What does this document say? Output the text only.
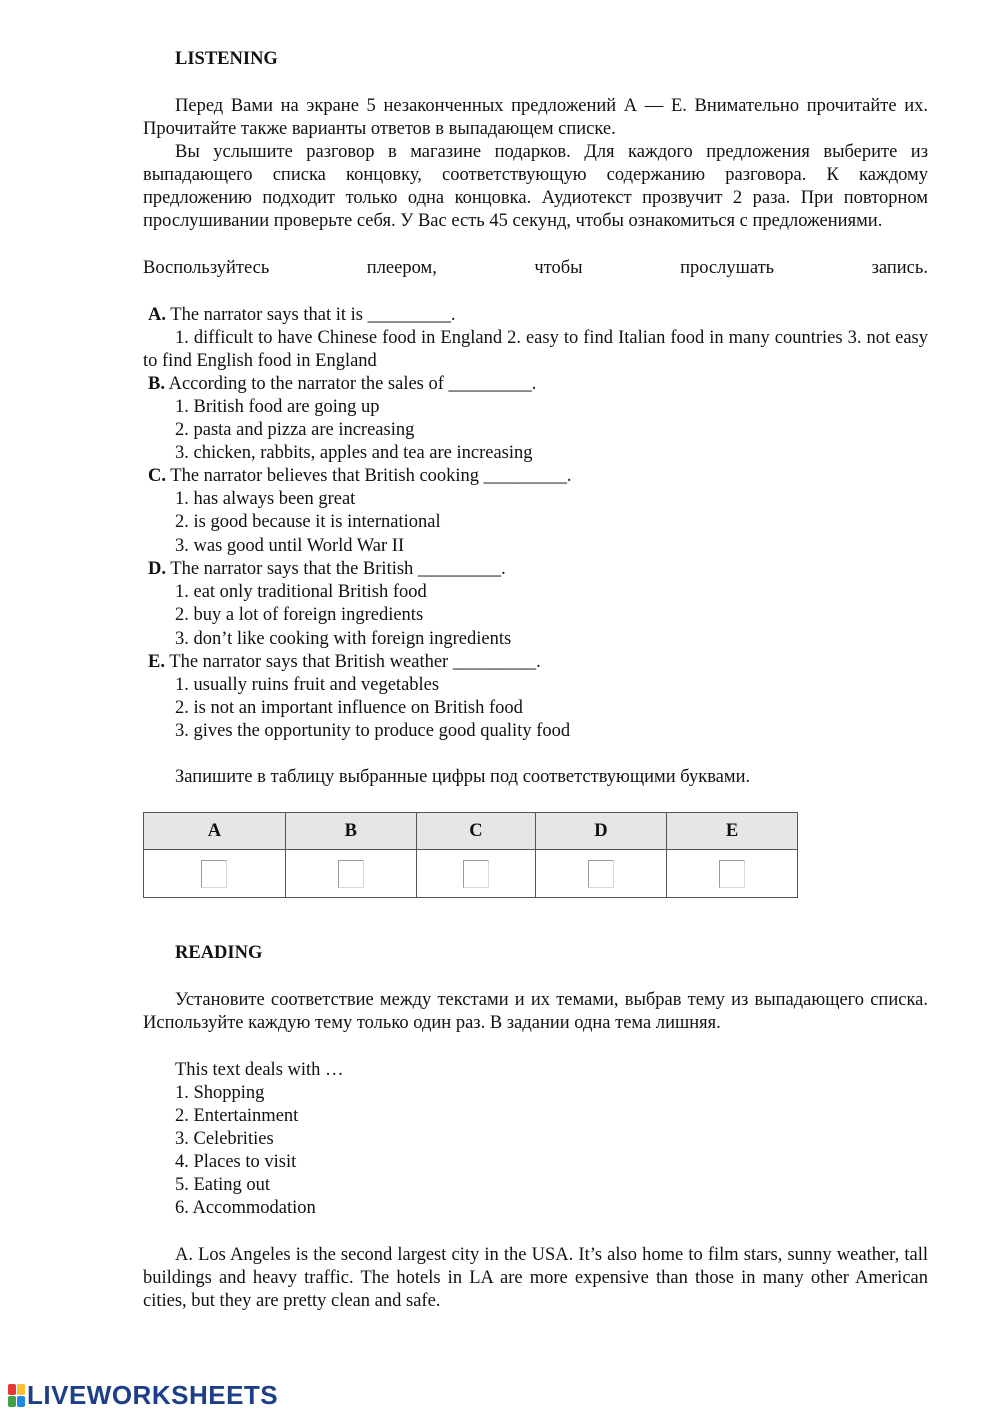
LISTENING

Перед Вами на экране 5 незаконченных предложений А — Е. Внимательно прочитайте их. Прочитайте также варианты ответов в выпадающем списке.

Вы услышите разговор в магазине подарков. Для каждого предложения выберите из выпадающего списка концовку, соответствующую содержанию разговора. К каждому предложению подходит только одна концовка. Аудиотекст прозвучит 2 раза. При повторном прослушивании проверьте себя. У Вас есть 45 секунд, чтобы ознакомиться с предложениями.

Воспользуйтесь	плеером,	чтобы	прослушать	запись.
A. The narrator says that it is _________.

1. difficult to have Chinese food in England 2. easy to find Italian food in many countries 3. not easy to find English food in England

B. According to the narrator the sales of _________.
1. British food are going up
2. pasta and pizza are increasing
3. chicken, rabbits, apples and tea are increasing
C. The narrator believes that British cooking _________.
1. has always been great
2. is good because it is international
3. was good until World War II
D. The narrator says that the British _________.
1. eat only traditional British food
2. buy a lot of foreign ingredients
3. don’t like cooking with foreign ingredients
E. The narrator says that British weather _________.
1. usually ruins fruit and vegetables
2. is not an important influence on British food
3. gives the opportunity to produce good quality food
Запишите в таблицу выбранные цифры под соответствующими буквами.
A	B	C	D	E

READING

Установите соответствие между текстами и их темами, выбрав тему из выпадающего списка. Используйте каждую тему только один раз. В задании одна тема лишняя.

This text deals with …
1. Shopping
2. Entertainment
3. Celebrities
4. Places to visit
5. Eating out
6. Accommodation

A. Los Angeles is the second largest city in the USA. It’s also home to film stars, sunny weather, tall buildings and heavy traffic. The hotels in LA are more expensive than those in many other American cities, but they are pretty clean and safe.

LIVEWORKSHEETS
